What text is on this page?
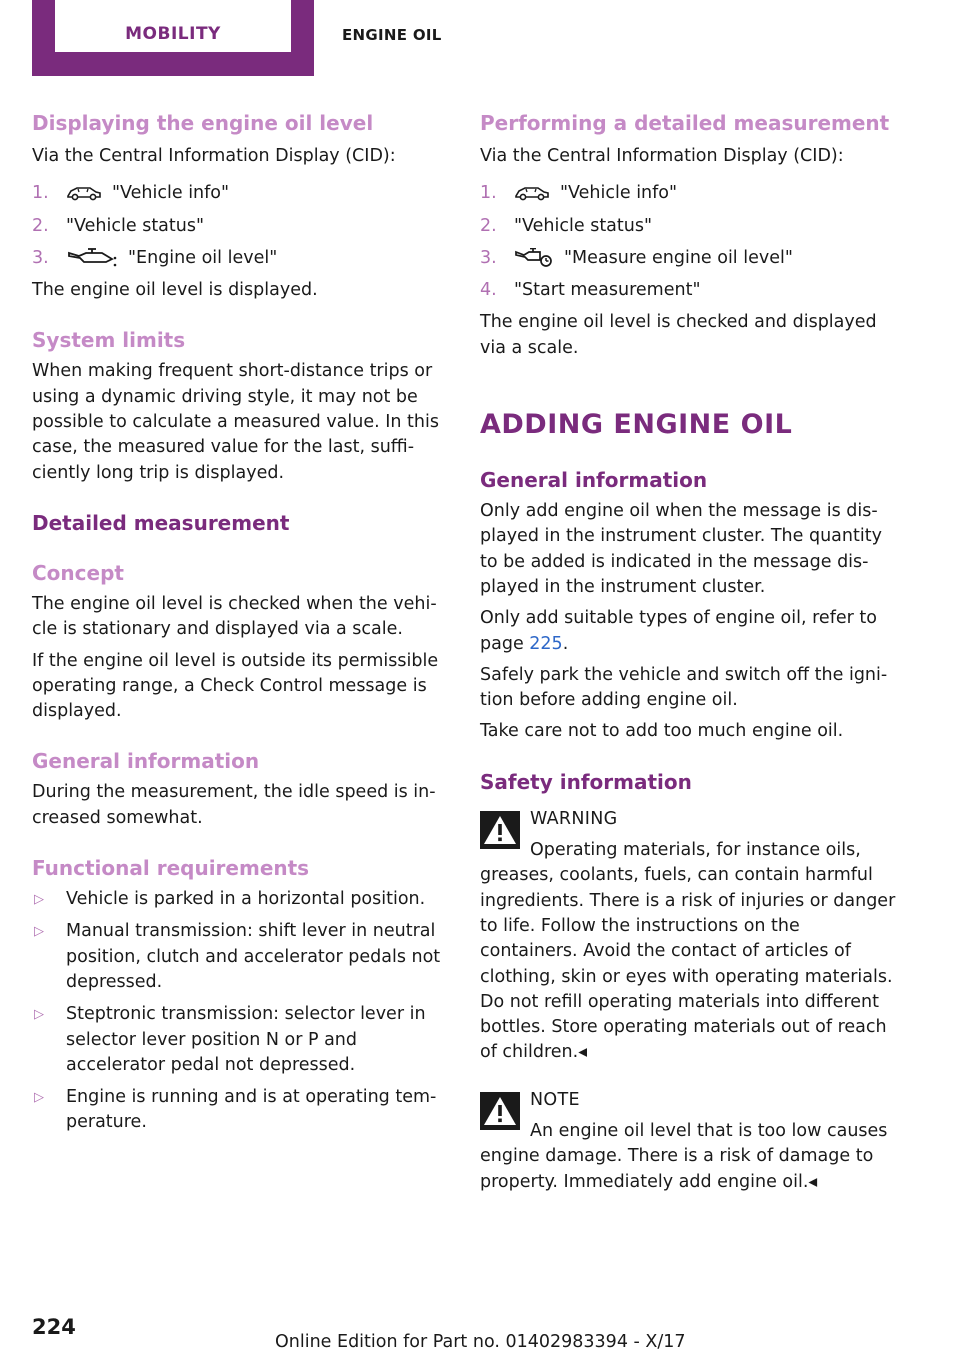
MOBILITY	ENGINE OIL
Displaying the engine oil level

Via the Central Information Display (CID):

1.	"Vehicle info"
2. "Vehicle status"
3.	"Engine oil level"

The engine oil level is displayed.

System limits

When making frequent short-distance trips or using a dynamic driving style, it may not be possible to calculate a measured value. In this case, the measured value for the last, sufficiently long trip is displayed.

Detailed measurement
Concept

The engine oil level is checked when the vehicle is stationary and displayed via a scale.

If the engine oil level is outside its permissible operating range, a Check Control message is displayed.

General information

During the measurement, the idle speed is increased somewhat.

Functional requirements
▷ Vehicle is parked in a horizontal position.
▷ Manual transmission: shift lever in neutral position, clutch and accelerator pedals not depressed.
▷ Steptronic transmission: selector lever in selector lever position N or P and accelerator pedal not depressed.
▷ Engine is running and is at operating temperature.
Performing a detailed measurement

Via the Central Information Display (CID):

1.	"Vehicle info"
2. "Vehicle status"
3.	"Measure engine oil level"
4. "Start measurement"

The engine oil level is checked and displayed via a scale.

ADDING ENGINE OIL
General information

Only add engine oil when the message is displayed in the instrument cluster. The quantity to be added is indicated in the message displayed in the instrument cluster.

Only add suitable types of engine oil, refer to page 225.

Safely park the vehicle and switch off the ignition before adding engine oil.

Take care not to add too much engine oil.

Safety information
WARNING

Operating materials, for instance oils, greases, coolants, fuels, can contain harmful ingredients. There is a risk of injuries or danger to life. Follow the instructions on the containers. Avoid the contact of articles of clothing, skin or eyes with operating materials. Do not refill operating materials into different bottles. Store operating materials out of reach of children.◂

NOTE

An engine oil level that is too low causes engine damage. There is a risk of damage to property. Immediately add engine oil.◂

224
Online Edition for Part no. 01402983394 - X/17
